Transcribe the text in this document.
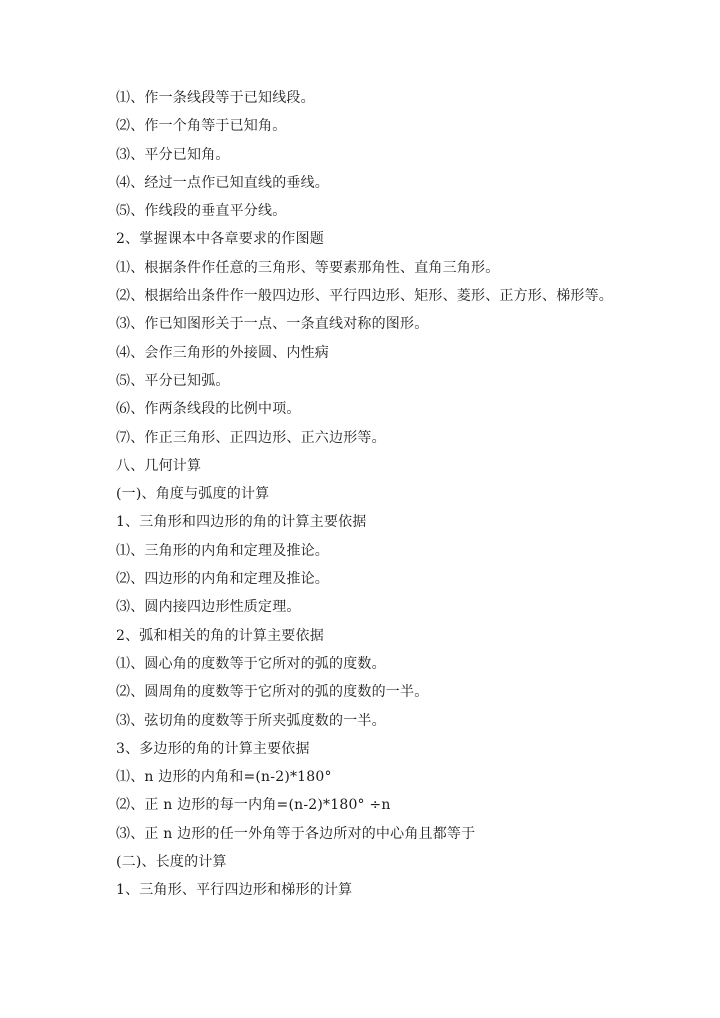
⑴、作一条线段等于已知线段。
⑵、作一个角等于已知角。
⑶、平分已知角。
⑷、经过一点作已知直线的垂线。
⑸、作线段的垂直平分线。
2、掌握课本中各章要求的作图题
⑴、根据条件作任意的三角形、等要素那角性、直角三角形。
⑵、根据给出条件作一般四边形、平行四边形、矩形、菱形、正方形、梯形等。
⑶、作已知图形关于一点、一条直线对称的图形。
⑷、会作三角形的外接圆、内性病
⑸、平分已知弧。
⑹、作两条线段的比例中项。
⑺、作正三角形、正四边形、正六边形等。
八、几何计算
(一)、角度与弧度的计算
1、三角形和四边形的角的计算主要依据
⑴、三角形的内角和定理及推论。
⑵、四边形的内角和定理及推论。
⑶、圆内接四边形性质定理。
2、弧和相关的角的计算主要依据
⑴、圆心角的度数等于它所对的弧的度数。
⑵、圆周角的度数等于它所对的弧的度数的一半。
⑶、弦切角的度数等于所夹弧度数的一半。
3、多边形的角的计算主要依据
⑴、n 边形的内角和=(n-2)*180°
⑵、正 n 边形的每一内角=(n-2)*180° ÷n
⑶、正 n 边形的任一外角等于各边所对的中心角且都等于
(二)、长度的计算
1、三角形、平行四边形和梯形的计算
